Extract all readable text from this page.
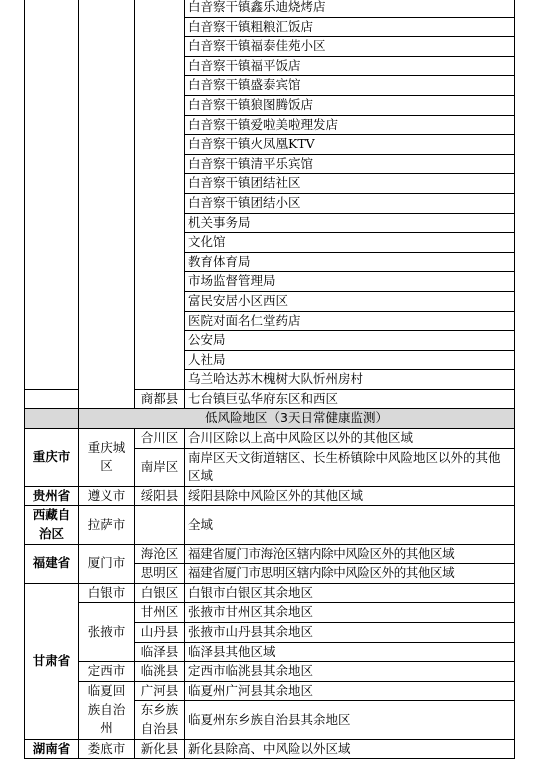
			白音察干镇鑫乐迪烧烤店
			白音察干镇粗粮汇饭店
			白音察干镇福泰佳苑小区
			白音察干镇福平饭店
			白音察干镇盛泰宾馆
			白音察干镇狼图腾饭店
			白音察干镇爱啦美啦理发店
			白音察干镇火凤凰KTV
			白音察干镇清平乐宾馆
			白音察干镇团结社区
			白音察干镇团结小区
			机关事务局
			文化馆
			教育体育局
			市场监督管理局
			富民安居小区西区
			医院对面名仁堂药店
			公安局
			人社局
			乌兰哈达苏木槐树大队忻州房村
		商都县	七台镇巨弘华府东区和西区
	低风险地区（3天日常健康监测）		
重庆市	重庆城区	合川区	合川区除以上高中风险区以外的其他区域
		南岸区	南岸区天文街道辖区、长生桥镇除中风险地区以外的其他区域
贵州省	遵义市	绥阳县	绥阳县除中风险区外的其他区域
西藏自治区	拉萨市		全域
福建省	厦门市	海沧区	福建省厦门市海沧区辖内除中风险区外的其他区域
		思明区	福建省厦门市思明区辖内除中风险区外的其他区域
甘肃省	白银市	白银区	白银市白银区其余地区
	张掖市	甘州区	张掖市甘州区其余地区
		山丹县	张掖市山丹县其余地区
		临泽县	临泽县其他区域
	定西市	临洮县	定西市临洮县其余地区
	临夏回族自治州	广河县	临夏州广河县其余地区
		东乡族自治县	临夏州东乡族自治县其余地区

湖南省	娄底市	新化县	新化县除高、中风险以外区域
